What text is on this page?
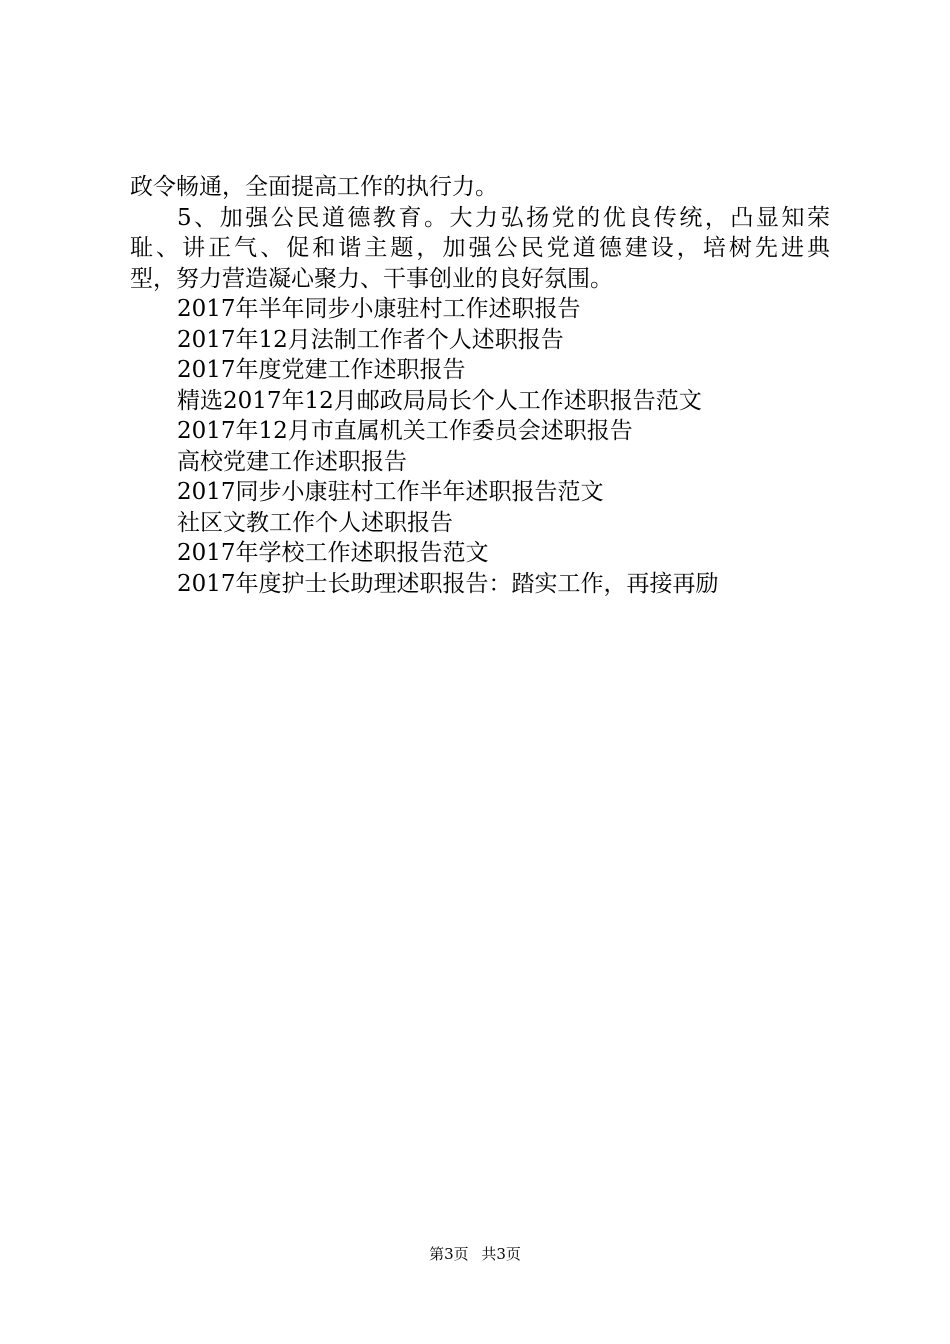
政令畅通，全面提高工作的执行力。
5、加强公民道德教育。大力弘扬党的优良传统，凸显知荣
耻、讲正气、促和谐主题，加强公民党道德建设，培树先进典
型，努力营造凝心聚力、干事创业的良好氛围。
2017年半年同步小康驻村工作述职报告
2017年12月法制工作者个人述职报告
2017年度党建工作述职报告
精选2017年12月邮政局局长个人工作述职报告范文
2017年12月市直属机关工作委员会述职报告
高校党建工作述职报告
2017同步小康驻村工作半年述职报告范文
社区文教工作个人述职报告
2017年学校工作述职报告范文
2017年度护士长助理述职报告：踏实工作，再接再励
第3页 共3页
